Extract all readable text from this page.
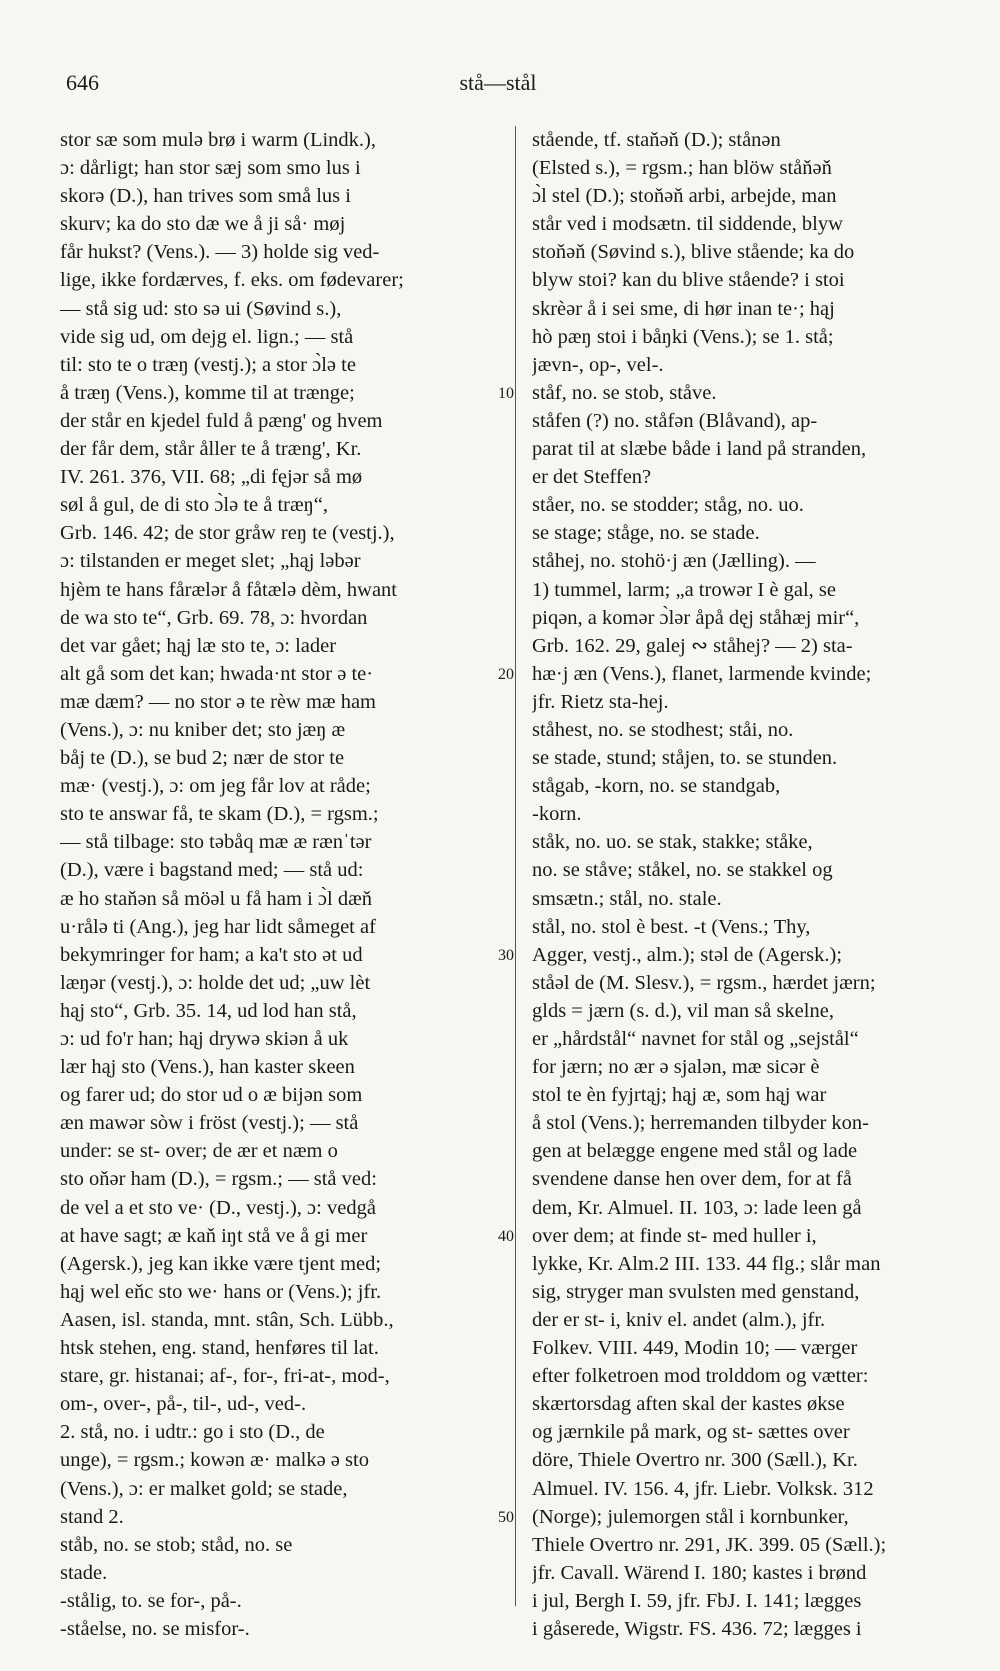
646	stå—stål
stor sæ som mulə brø i warm (Lindk.),
ɔ: dårligt; han stor sæj som smo lus i
skorə (D.), han trives som små lus i
skurv; ka do sto dæ we å ji så· møj
får hukst? (Vens.). — 3) holde sig ved-
lige, ikke fordærves, f. eks. om fødevarer;
— stå sig ud: sto sə ui (Søvind s.),
vide sig ud, om dejg el. lign.; — stå
til: sto te o træŋ (vestj.); a stor ɔ̀lə te
å træŋ (Vens.), komme til at trænge;
der står en kjedel fuld å pæng' og hvem
der får dem, står åller te å træng', Kr.
IV. 261. 376, VII. 68; „di fęjər så mø
søl å gul, de di sto ɔ̀lə te å træŋ“,
Grb. 146. 42; de stor gråw reŋ te (vestj.),
ɔ: tilstanden er meget slet; „hąj ləbər
hjèm te hans fårælər å fåtælə dèm, hwant
de wa sto te“, Grb. 69. 78, ɔ: hvordan
det var gået; hąj læ sto te, ɔ: lader
alt gå som det kan; hwada·nt stor ə te·
mæ dæm? — no stor ə te rèw mæ ham
(Vens.), ɔ: nu kniber det; sto jæŋ æ
båj te (D.), se bud 2; nær de stor te
mæ· (vestj.), ɔ: om jeg får lov at råde;
sto te answar få, te skam (D.), = rgsm.;
— stå tilbage: sto təbåq mæ æ rænˈtər
(D.), være i bagstand med; — stå ud:
æ ho staňən så möəl u få ham i ɔ̀l dæň
u·rålə ti (Ang.), jeg har lidt såmeget af
bekymringer for ham; a ka't sto ət ud
læŋər (vestj.), ɔ: holde det ud; „uw lèt
hąj sto“, Grb. 35. 14, ud lod han stå,
ɔ: ud fo'r han; hąj drywə skiən å uk
lær hąj sto (Vens.), han kaster skeen
og farer ud; do stor ud o æ bijən som
æn mawər sòw i fröst (vestj.); — stå
under: se st- over; de ær et næm o
sto oňər ham (D.), = rgsm.; — stå ved:
de vel a et sto ve· (D., vestj.), ɔ: vedgå
at have sagt; æ kaň iŋt stå ve å gi mer
(Agersk.), jeg kan ikke være tjent med;
hąj wel eňc sto we· hans or (Vens.); jfr.
Aasen, isl. standa, mnt. stân, Sch. Lübb.,
htsk stehen, eng. stand, henføres til lat.
stare, gr. histanai; af-, for-, fri-at-, mod-,
om-, over-, på-, til-, ud-, ved-.
2. stå, no. i udtr.: go i sto (D., de
unge), = rgsm.; kowən æ· malkə ə sto
(Vens.), ɔ: er malket gold; se stade,
stand 2.
ståb, no. se stob; ståd, no. se
stade.
-stålig, to. se for-, på-.
-ståelse, no. se misfor-.
10
20
30
40
50
stående, tf. staňəň (D.); stånən
(Elsted s.), = rgsm.; han blöw ståňəň
ɔ̀l stel (D.); stoňəň arbi, arbejde, man
står ved i modsætn. til siddende, blyw
stoňəň (Søvind s.), blive stående; ka do
blyw stoi? kan du blive stående? i stoi
skrèər å i sei sme, di hør inan te·; hąj
hò pæŋ stoi i båŋki (Vens.); se 1. stå;
jævn-, op-, vel-.
ståf, no. se stob, ståve.
ståfen (?) no. ståfən (Blåvand), ap-
parat til at slæbe både i land på stranden,
er det Steffen?
ståer, no. se stodder; ståg, no. uo.
se stage; ståge, no. se stade.
ståhej, no. stohö·j æn (Jælling). —
1) tummel, larm; „a trowər I è gal, se
piqən, a komər ɔ̀lər åpå dęj ståhæj mir“,
Grb. 162. 29, galej ∾ ståhej? — 2) sta-
hæ·j æn (Vens.), flanet, larmende kvinde;
jfr. Rietz sta-hej.
ståhest, no. se stodhest; ståi, no.
se stade, stund; ståjen, to. se stunden.
stågab, -korn, no. se standgab,
-korn.
ståk, no. uo. se stak, stakke; ståke,
no. se ståve; ståkel, no. se stakkel og
smsætn.; stål, no. stale.
stål, no. stol è best. -t (Vens.; Thy,
Agger, vestj., alm.); stəl de (Agersk.);
ståəl de (M. Slesv.), = rgsm., hærdet jærn;
glds = jærn (s. d.), vil man så skelne,
er „hårdstål“ navnet for stål og „sejstål“
for jærn; no ær ə sjalən, mæ sicər è
stol te èn fyjrtąj; hąj æ, som hąj war
å stol (Vens.); herremanden tilbyder kon-
gen at belægge engene med stål og lade
svendene danse hen over dem, for at få
dem, Kr. Almuel. II. 103, ɔ: lade leen gå
over dem; at finde st- med huller i,
lykke, Kr. Alm.2 III. 133. 44 flg.; slår man
sig, stryger man svulsten med genstand,
der er st- i, kniv el. andet (alm.), jfr.
Folkev. VIII. 449, Modin 10; — værger
efter folketroen mod trolddom og vætter:
skærtorsdag aften skal der kastes økse
og jærnkile på mark, og st- sættes over
döre, Thiele Overtro nr. 300 (Sæll.), Kr.
Almuel. IV. 156. 4, jfr. Liebr. Volksk. 312
(Norge); julemorgen stål i kornbunker,
Thiele Overtro nr. 291, JK. 399. 05 (Sæll.);
jfr. Cavall. Wärend I. 180; kastes i brønd
i jul, Bergh I. 59, jfr. FbJ. I. 141; lægges
i gåserede, Wigstr. FS. 436. 72; lægges i
